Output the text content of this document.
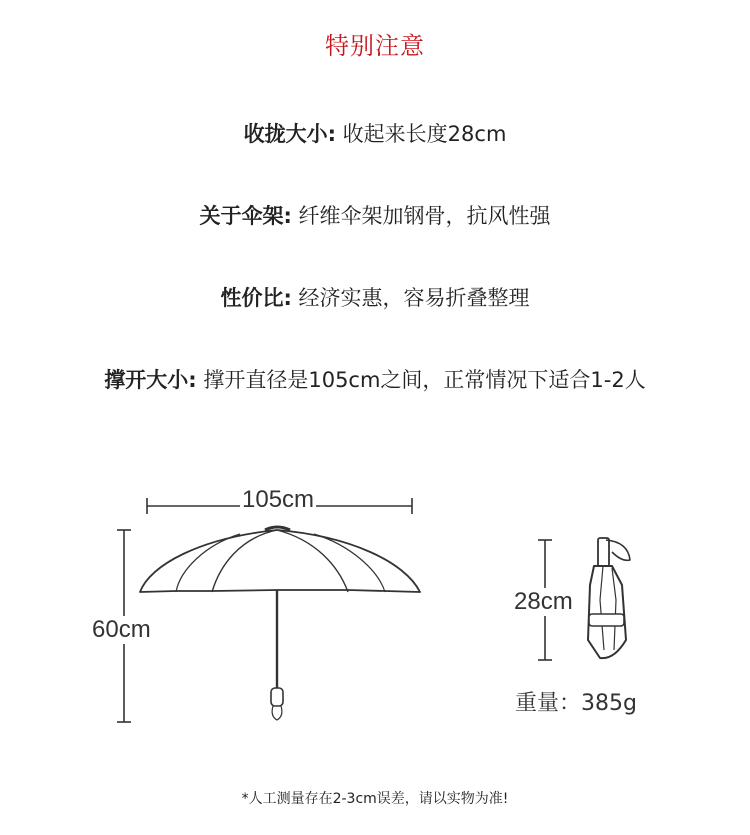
特别注意
收拢大小: 收起来长度28cm
关于伞架: 纤维伞架加钢骨，抗风性强
性价比: 经济实惠，容易折叠整理
撑开大小: 撑开直径是105cm之间，正常情况下适合1-2人
105cm
60cm
28cm
重量：385g
*人工测量存在2-3cm误差，请以实物为准!
